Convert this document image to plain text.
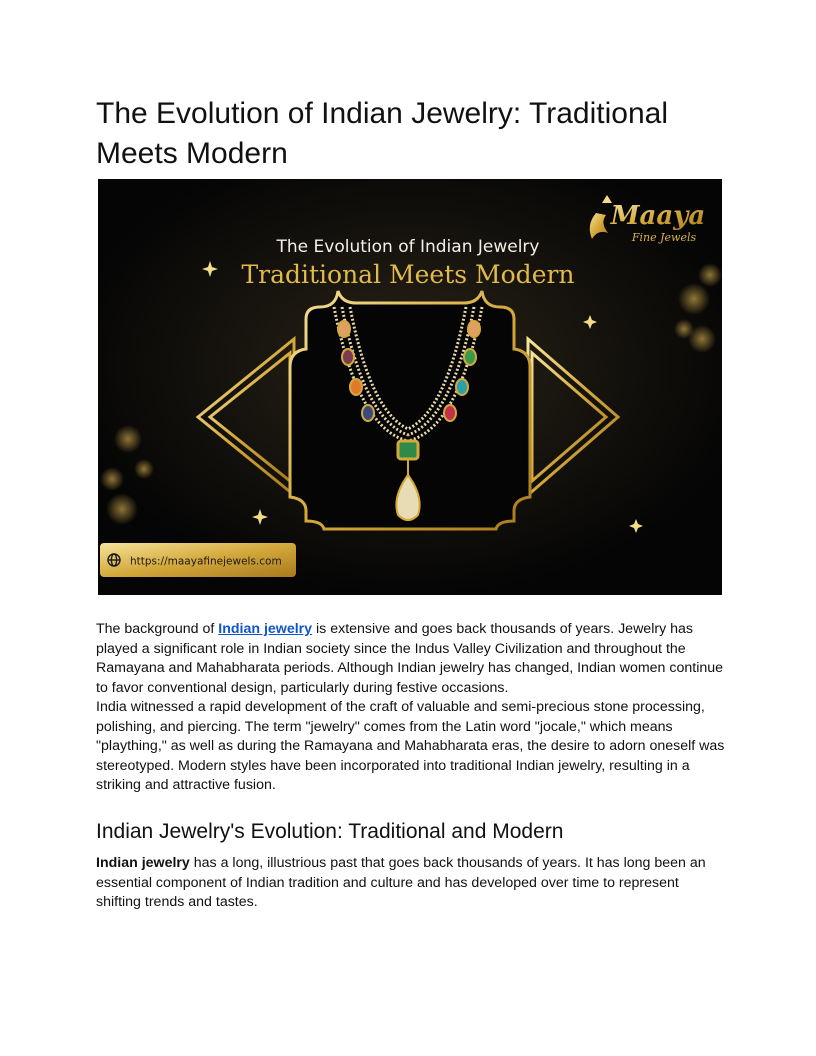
The Evolution of Indian Jewelry: Traditional Meets Modern
The Evolution of Indian Jewelry
Traditional Meets Modern
Maaya
Fine Jewels
https://maayafinejewels.com

The background of Indian jewelry is extensive and goes back thousands of years. Jewelry has played a significant role in Indian society since the Indus Valley Civilization and throughout the Ramayana and Mahabharata periods. Although Indian jewelry has changed, Indian women continue to favor conventional design, particularly during festive occasions.

India witnessed a rapid development of the craft of valuable and semi-precious stone processing, polishing, and piercing. The term "jewelry" comes from the Latin word "jocale," which means "plaything," as well as during the Ramayana and Mahabharata eras, the desire to adorn oneself was stereotyped. Modern styles have been incorporated into traditional Indian jewelry, resulting in a striking and attractive fusion.

Indian Jewelry's Evolution: Traditional and Modern

Indian jewelry has a long, illustrious past that goes back thousands of years. It has long been an essential component of Indian tradition and culture and has developed over time to represent shifting trends and tastes.
